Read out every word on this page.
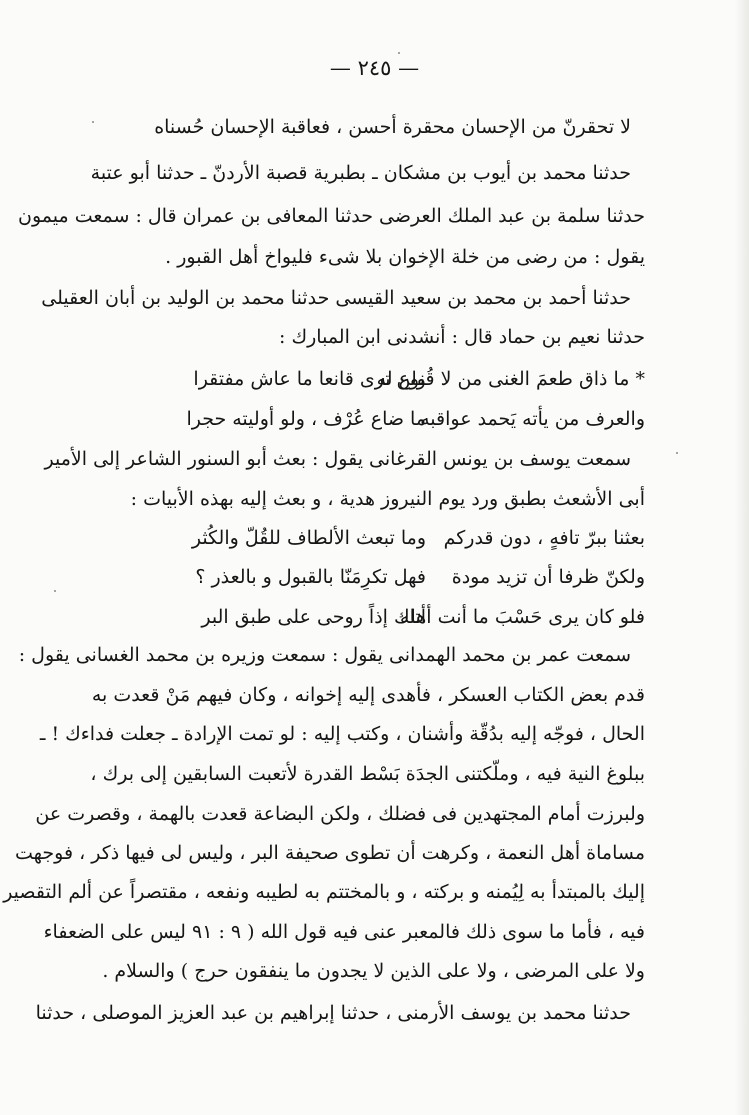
— ٢٤٥ —
لا تحقرنّ من الإحسان محقرة أحسن ، فعاقبة الإحسان حُسناه
حدثنا محمد بن أيوب بن مشكان ـ بطبرية قصبة الأردنّ ـ حدثنا أبو عتبة
حدثنا سلمة بن عبد الملك العرضى حدثنا المعافى بن عمران قال : سمعت ميمون
يقول : من رضى من خلة الإخوان بلا شىء فليواخ أهل القبور .
حدثنا أحمد بن محمد بن سعيد القيسى حدثنا محمد بن الوليد بن أبان العقيلى
حدثنا نعيم بن حماد قال : أنشدنى ابن المبارك :
* ما ذاق طعمَ الغنى من لا قُنوع له
ولن ترى قانعا ما عاش مفتقرا
والعرف من يأته يَحمد عواقبه
ما ضاع عُرْف ، ولو أوليته حجرا
سمعت يوسف بن يونس القرغانى يقول : بعث أبو السنور الشاعر إلى الأمير
أبى الأشعث بطبق ورد يوم النيروز هدية ، و بعث إليه بهذه الأبيات :
بعثنا ببرّ تافهٍ ، دون قدركم
وما تبعث الألطاف للقُلّ والكُثر
ولكنّ ظرفا أن تزيد مودة
فهل تكرِمَنّا بالقبول و بالعذر ؟
فلو كان يرى حَسْبَ ما أنت أهله
أتاك إذاً روحى على طبق البر
سمعت عمر بن محمد الهمدانى يقول : سمعت وزيره بن محمد الغسانى يقول :
قدم بعض الكتاب العسكر ، فأهدى إليه إخوانه ، وكان فيهم مَنْ قعدت به
الحال ، فوجّه إليه بدُقّة وأشنان ، وكتب إليه : لو تمت الإرادة ـ جعلت فداءك ! ـ
ببلوغ النية فيه ، وملّكتنى الجدَة بَسْط القدرة لأتعبت السابقين إلى برك ،
ولبرزت أمام المجتهدين فى فضلك ، ولكن البضاعة قعدت بالهمة ، وقصرت عن
مساماة أهل النعمة ، وكرهت أن تطوى صحيفة البر ، وليس لى فيها ذكر ، فوجهت
إليك بالمبتدأ به لِيُمنه و بركته ، و بالمختتم به لطيبه ونفعه ، مقتصراً عن ألم التقصير
فيه ، فأما ما سوى ذلك فالمعبر عنى فيه قول الله ( ٩ : ٩١ ليس على الضعفاء
ولا على المرضى ، ولا على الذين لا يجدون ما ينفقون حرج ) والسلام .
حدثنا محمد بن يوسف الأرمنى ، حدثنا إبراهيم بن عبد العزيز الموصلى ، حدثنا
